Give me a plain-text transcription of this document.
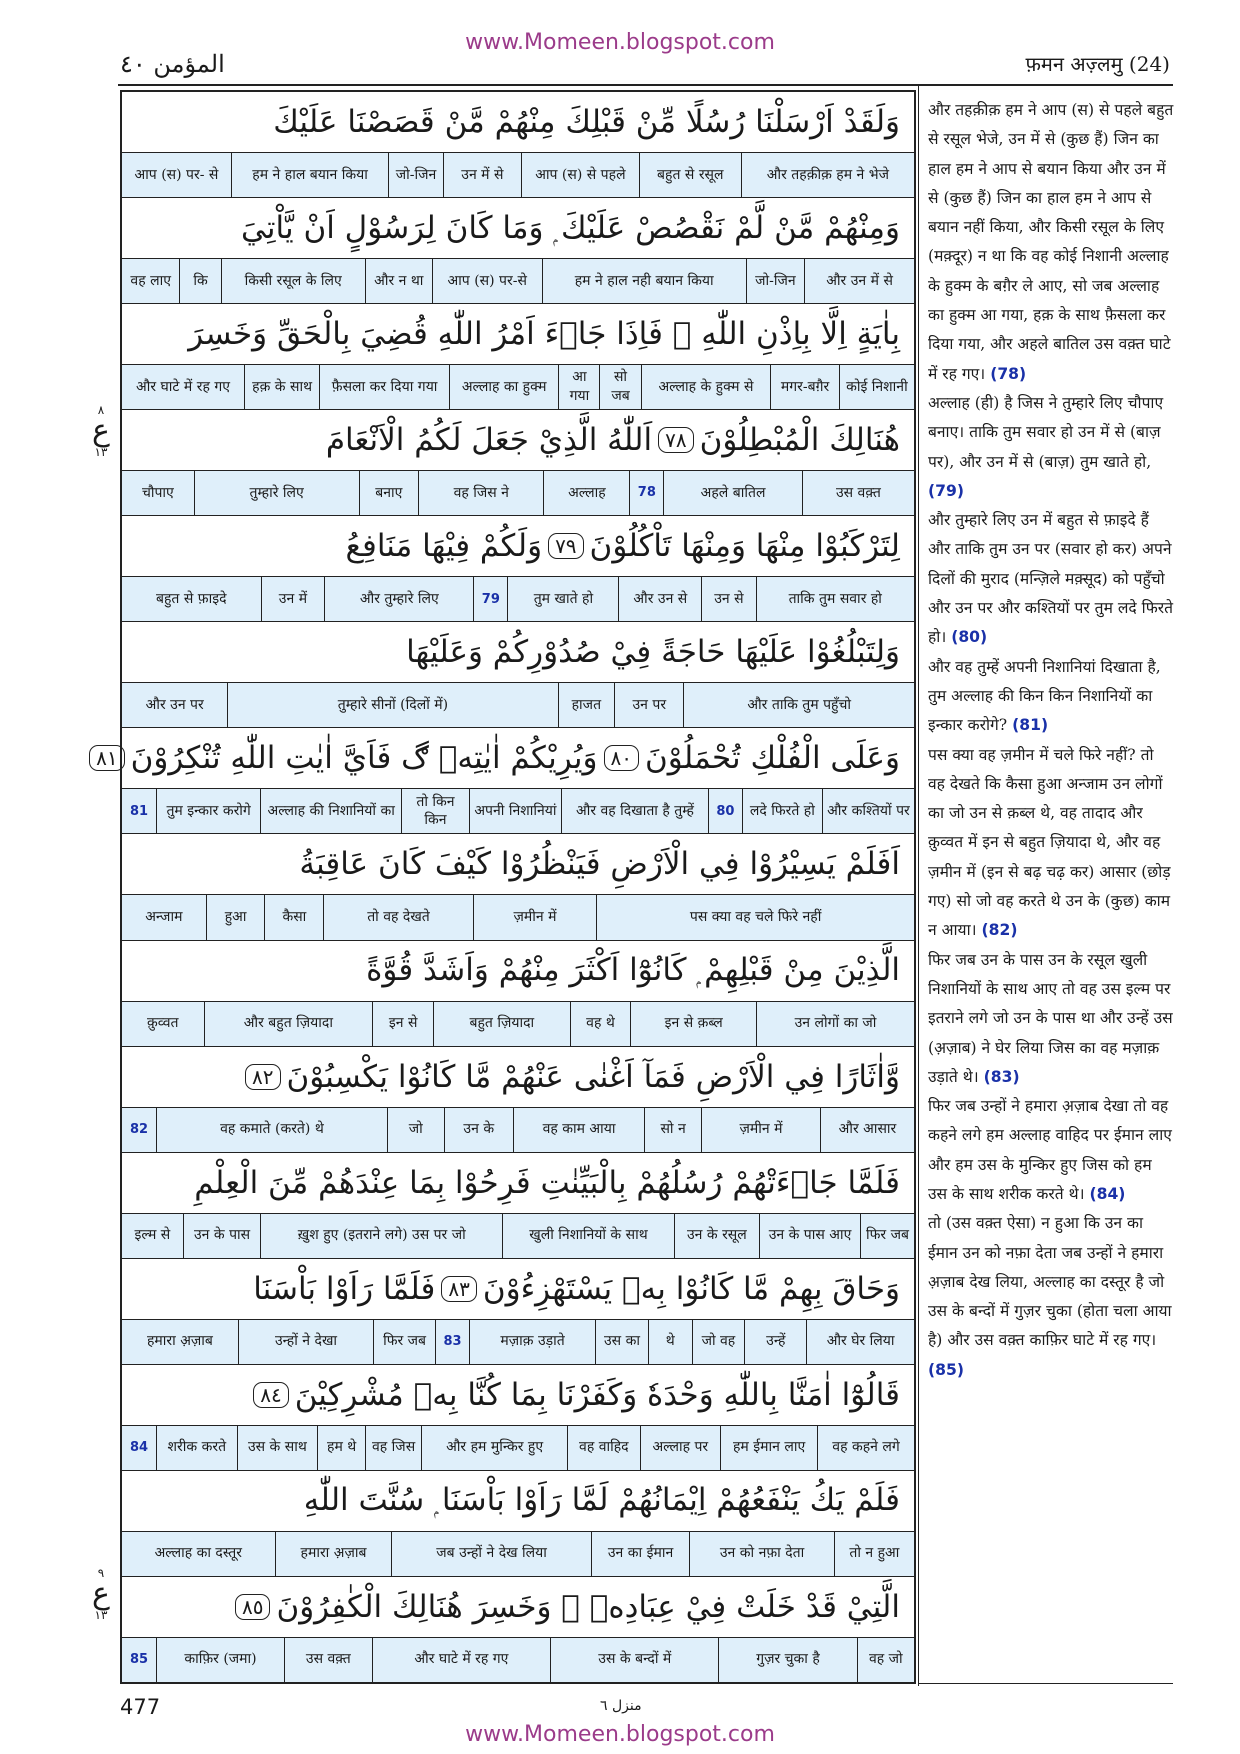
www.Momeen.blogspot.com
المؤمن ٤٠	फ़मन अज़्लमु (24)
٨
ع
١٣
٩
ع
١٣
وَلَقَدْ اَرْسَلْنَا رُسُلًا مِّنْ قَبْلِكَ مِنْهُمْ مَّنْ قَصَصْنَا عَلَيْكَ
और तहक़ीक़ हम ने भेजे
बहुत से रसूल
आप (स) से पहले
उन में से
जो-जिन
हम ने हाल बयान किया
आप (स) पर- से
وَمِنْهُمْ مَّنْ لَّمْ نَقْصُصْ عَلَيْكَ ۭ وَمَا كَانَ لِرَسُوْلٍ اَنْ يَّاْتِيَ
और उन में से
जो-जिन
हम ने हाल नही बयान किया
आप (स) पर-से
और न था
किसी रसूल के लिए
कि
वह लाए
بِاٰيَةٍ اِلَّا بِاِذْنِ اللّٰهِ ۚ فَاِذَا جَاۗءَ اَمْرُ اللّٰهِ قُضِيَ بِالْحَقِّ وَخَسِرَ
कोई निशानी
मगर-बग़ैर
अल्लाह के हुक्म से
सो जब
आ गया
अल्लाह का हुक्म
फ़ैसला कर दिया गया
हक़ के साथ
और घाटे में रह गए
هُنَالِكَ الْمُبْطِلُوْنَ
٧٨
اَللّٰهُ الَّذِيْ جَعَلَ لَكُمُ الْاَنْعَامَ
उस वक़्त
अहले बातिल
78
अल्लाह
वह जिस ने
बनाए
तुम्हारे लिए
चौपाए
لِتَرْكَبُوْا مِنْهَا وَمِنْهَا تَاْكُلُوْنَ
٧٩
وَلَكُمْ فِيْهَا مَنَافِعُ
ताकि तुम सवार हो
उन से
और उन से
तुम खाते हो
79
और तुम्हारे लिए
उन में
बहुत से फ़ाइदे
وَلِتَبْلُغُوْا عَلَيْهَا حَاجَةً فِيْ صُدُوْرِكُمْ وَعَلَيْهَا
और ताकि तुम पहुँचो
उन पर
हाजत
तुम्हारे सीनों (दिलों में)
और उन पर
وَعَلَى الْفُلْكِ تُحْمَلُوْنَ
٨٠
وَيُرِيْكُمْ اٰيٰتِهٖ ڰ فَاَيَّ اٰيٰتِ اللّٰهِ تُنْكِرُوْنَ
٨١
और कश्तियों पर
लदे फिरते हो
80
और वह दिखाता है तुम्हें
अपनी निशानियां
तो किन किन
अल्लाह की निशानियों का
तुम इन्कार करोगे
81
اَفَلَمْ يَسِيْرُوْا فِي الْاَرْضِ فَيَنْظُرُوْا كَيْفَ كَانَ عَاقِبَةُ
पस क्या वह चले फिरे नहीं
ज़मीन में
तो वह देखते
कैसा
हुआ
अन्जाम
الَّذِيْنَ مِنْ قَبْلِهِمْ ۭ كَانُوْٓا اَكْثَرَ مِنْهُمْ وَاَشَدَّ قُوَّةً
उन लोगों का जो
इन से क़ब्ल
वह थे
बहुत ज़ियादा
इन से
और बहुत ज़ियादा
क़ुव्वत
وَّاٰثَارًا فِي الْاَرْضِ فَمَآ اَغْنٰى عَنْهُمْ مَّا كَانُوْا يَكْسِبُوْنَ
٨٢
और आसार
ज़मीन में
सो न
वह काम आया
उन के
जो
वह कमाते (करते) थे
82
فَلَمَّا جَاۗءَتْهُمْ رُسُلُهُمْ بِالْبَيِّنٰتِ فَرِحُوْا بِمَا عِنْدَهُمْ مِّنَ الْعِلْمِ
फिर जब
उन के पास आए
उन के रसूल
खुली निशानियों के साथ
ख़ुश हुए (इतराने लगे) उस पर जो
उन के पास
इल्म से
وَحَاقَ بِهِمْ مَّا كَانُوْا بِهٖ يَسْتَهْزِءُوْنَ
٨٣
فَلَمَّا رَاَوْا بَاْسَنَا
और घेर लिया
उन्हें
जो वह
थे
उस का
मज़ाक़ उड़ाते
83
फिर जब
उन्हों ने देखा
हमारा अ़ज़ाब
قَالُوْٓا اٰمَنَّا بِاللّٰهِ وَحْدَهٗ وَكَفَرْنَا بِمَا كُنَّا بِهٖ مُشْرِكِيْنَ
٨٤
वह कहने लगे
हम ईमान लाए
अल्लाह पर
वह वाहिद
और हम मुन्किर हुए
वह जिस
हम थे
उस के साथ
शरीक करते
84
فَلَمْ يَكُ يَنْفَعُهُمْ اِيْمَانُهُمْ لَمَّا رَاَوْا بَاْسَنَا ۭ سُنَّتَ اللّٰهِ
तो न हुआ
उन को नफ़ा देता
उन का ईमान
जब उन्हों ने देख लिया
हमारा अ़ज़ाब
अल्लाह का दस्तूर
الَّتِيْ قَدْ خَلَتْ فِيْ عِبَادِهٖ ۚ وَخَسِرَ هُنَالِكَ الْكٰفِرُوْنَ
٨٥
वह जो
गुज़र चुका है
उस के बन्दों में
और घाटे में रह गए
उस वक़्त
काफ़िर (जमा)
85
और तहक़ीक़ हम ने आप (स) से पहले बहुत से रसूल भेजे, उन में से (कुछ हैं) जिन का हाल हम ने आप से बयान किया और उन में से (कुछ हैं) जिन का हाल हम ने आप से बयान नहीं किया, और किसी रसूल के लिए (मक़्दूर) न था कि वह कोई निशानी अल्लाह के हुक्म के बग़ैर ले आए, सो जब अल्लाह का हुक्म आ गया, हक़ के साथ फ़ैसला कर दिया गया, और अहले बातिल उस वक़्त घाटे में रह गए। (78)
अल्लाह (ही) है जिस ने तुम्हारे लिए चौपाए बनाए। ताकि तुम सवार हो उन में से (बाज़ पर), और उन में से (बाज़) तुम खाते हो, (79)
और तुम्हारे लिए उन में बहुत से फ़ाइदे हैं और ताकि तुम उन पर (सवार हो कर) अपने दिलों की मुराद (मन्ज़िले मक़्सूद) को पहुँचो और उन पर और कश्तियों पर तुम लदे फिरते हो। (80)
और वह तुम्हें अपनी निशानियां दिखाता है, तुम अल्लाह की किन किन निशानियों का इन्कार करोगे? (81)
पस क्या वह ज़मीन में चले फिरे नहीं? तो वह देखते कि कैसा हुआ अन्जाम उन लोगों का जो उन से क़ब्ल थे, वह तादाद और क़ुव्वत में इन से बहुत ज़ियादा थे, और वह ज़मीन में (इन से बढ़ चढ़ कर) आसार (छोड़ गए) सो जो वह करते थे उन के (कुछ) काम न आया। (82)
फिर जब उन के पास उन के रसूल खुली निशानियों के साथ आए तो वह उस इल्म पर इतराने लगे जो उन के पास था और उन्हें उस (अ़ज़ाब) ने घेर लिया जिस का वह मज़ाक़ उड़ाते थे। (83)
फिर जब उन्हों ने हमारा अ़ज़ाब देखा तो वह कहने लगे हम अल्लाह वाहिद पर ईमान लाए और हम उस के मुन्किर हुए जिस को हम उस के साथ शरीक करते थे। (84)
तो (उस वक़्त ऐसा) न हुआ कि उन का ईमान उन को नफ़ा देता जब उन्हों ने हमारा अ़ज़ाब देख लिया, अल्लाह का दस्तूर है जो उस के बन्दों में गुज़र चुका (होता चला आया है) और उस वक़्त काफ़िर घाटे में रह गए। (85)

477	منزل ٦
www.Momeen.blogspot.com
